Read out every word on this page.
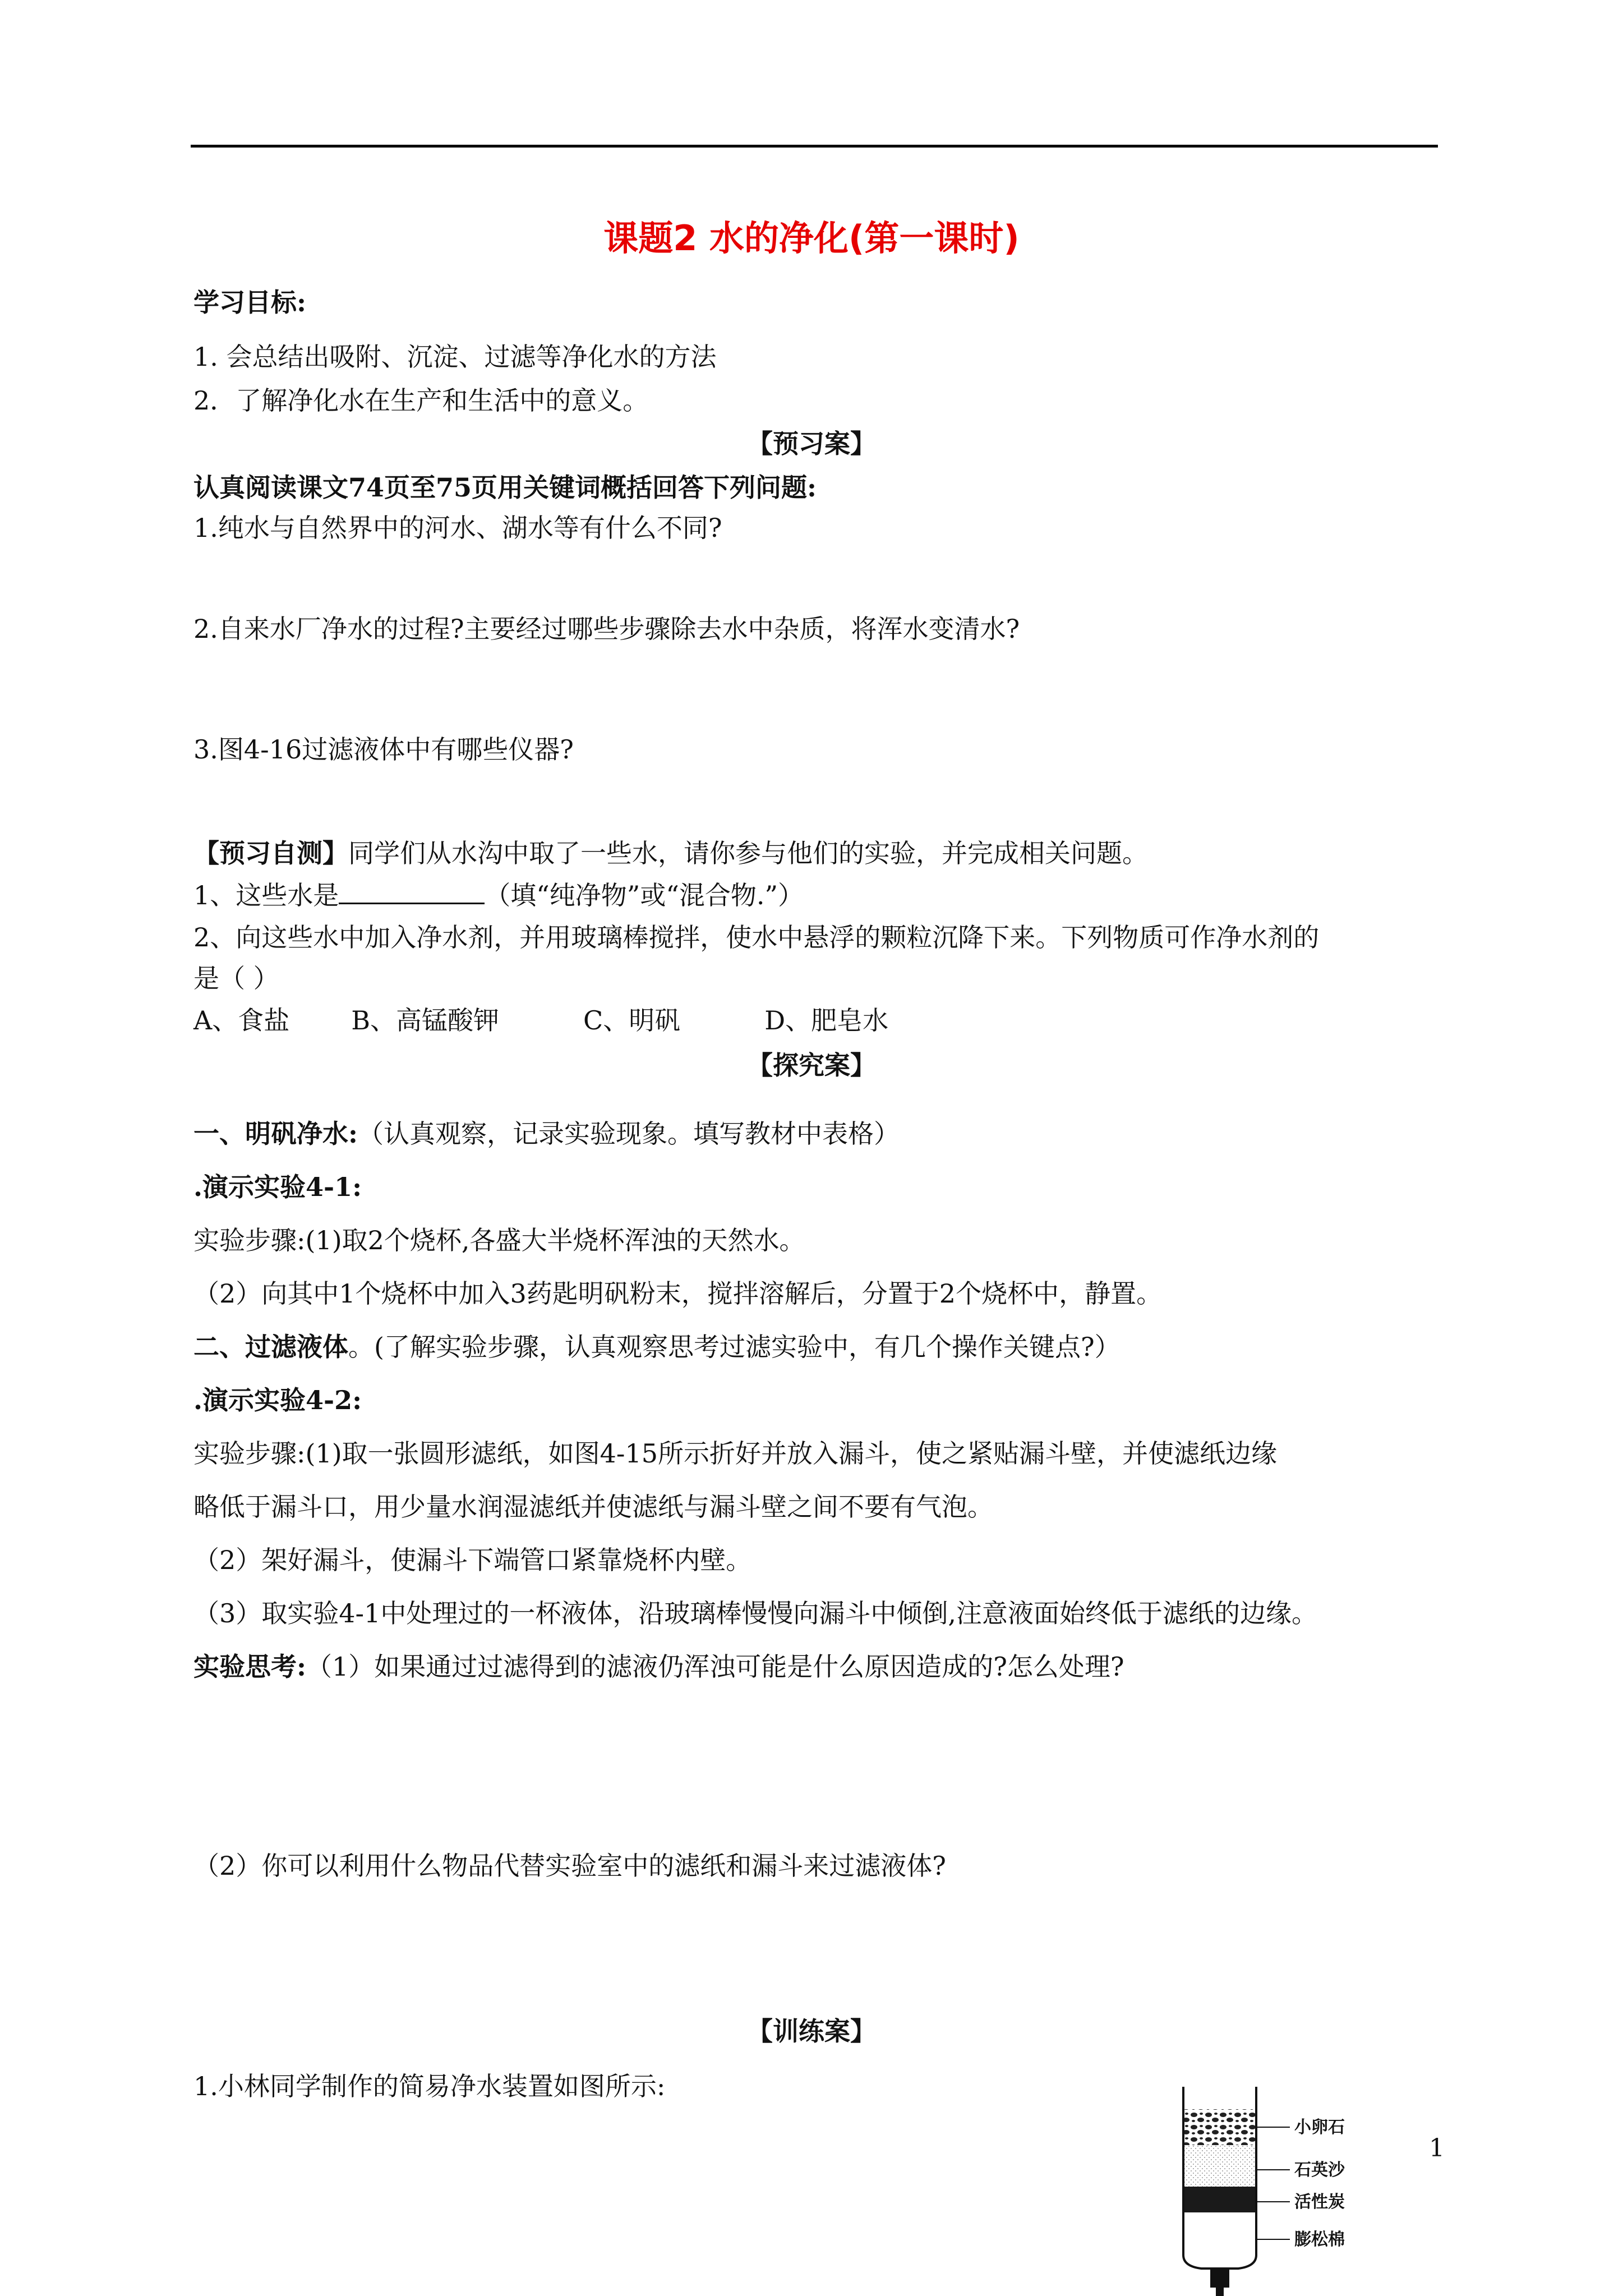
课题2 水的净化(第一课时)
学习目标:
1. 会总结出吸附、沉淀、过滤等净化水的方法
2．了解净化水在生产和生活中的意义。
【预习案】
认真阅读课文74页至75页用关键词概括回答下列问题:
1.纯水与自然界中的河水、湖水等有什么不同?
2.自来水厂净水的过程?主要经过哪些步骤除去水中杂质，将浑水变清水?
3.图4-16过滤液体中有哪些仪器?
【预习自测】同学们从水沟中取了一些水，请你参与他们的实验，并完成相关问题。
1、这些水是	（填“纯净物”或“混合物.”）
2、向这些水中加入净水剂，并用玻璃棒搅拌，使水中悬浮的颗粒沉降下来。下列物质可作净水剂的
是（ ）
A、食盐 B、高锰酸钾	C、明矾	D、肥皂水
【探究案】
一、明矾净水:（认真观察，记录实验现象。填写教材中表格）
.演示实验4-1:
实验步骤:(1)取2个烧杯,各盛大半烧杯浑浊的天然水。
（2）向其中1个烧杯中加入3药匙明矾粉末，搅拌溶解后，分置于2个烧杯中，静置。
二、过滤液体。(了解实验步骤，认真观察思考过滤实验中，有几个操作关键点?）
.演示实验4-2:
实验步骤:(1)取一张圆形滤纸，如图4-15所示折好并放入漏斗，使之紧贴漏斗壁，并使滤纸边缘
略低于漏斗口，用少量水润湿滤纸并使滤纸与漏斗壁之间不要有气泡。
（2）架好漏斗，使漏斗下端管口紧靠烧杯内壁。
（3）取实验4-1中处理过的一杯液体，沿玻璃棒慢慢向漏斗中倾倒,注意液面始终低于滤纸的边缘。
实验思考:（1）如果通过过滤得到的滤液仍浑浊可能是什么原因造成的?怎么处理?
（2）你可以利用什么物品代替实验室中的滤纸和漏斗来过滤液体?
【训练案】
1.小林同学制作的简易净水装置如图所示:
1
小卵石
石英沙
活性炭
膨松棉
